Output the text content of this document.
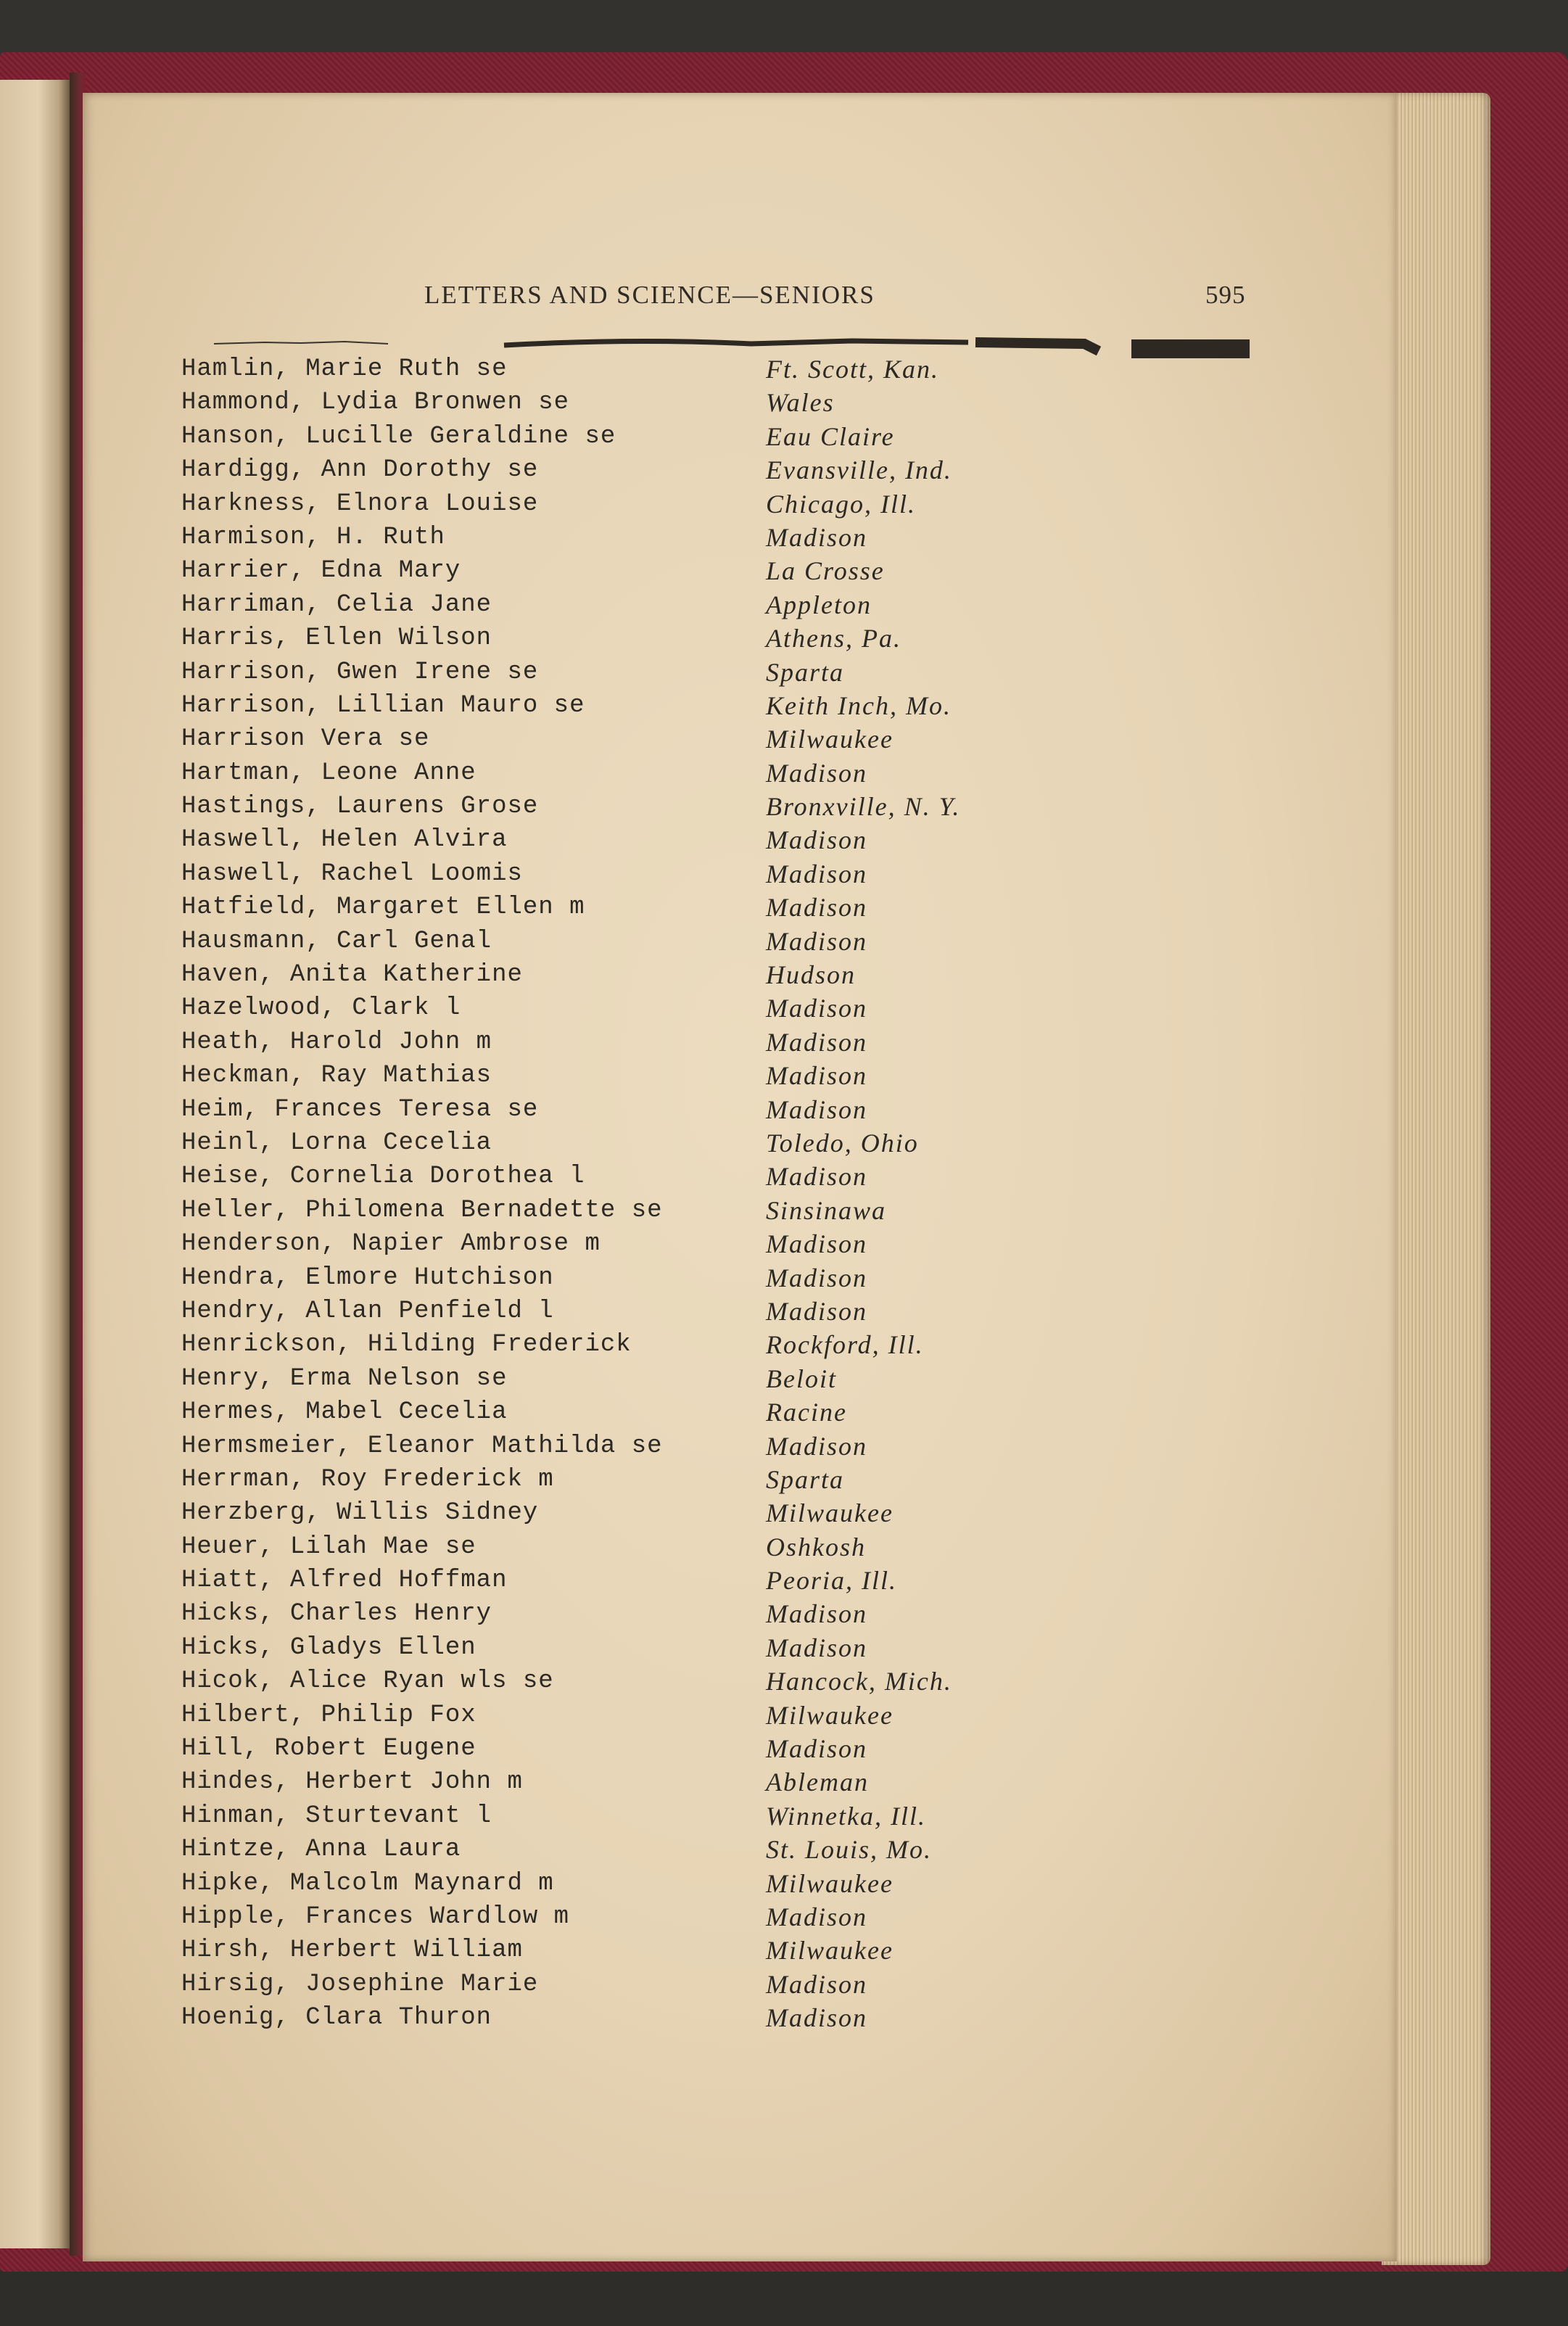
LETTERS AND SCIENCE—SENIORS	595
Hamlin, Marie Ruth se	Ft. Scott, Kan.
Hammond, Lydia Bronwen se	Wales
Hanson, Lucille Geraldine se	Eau Claire
Hardigg, Ann Dorothy se	Evansville, Ind.
Harkness, Elnora Louise	Chicago, Ill.
Harmison, H. Ruth	Madison
Harrier, Edna Mary	La Crosse
Harriman, Celia Jane	Appleton
Harris, Ellen Wilson	Athens, Pa.
Harrison, Gwen Irene se	Sparta
Harrison, Lillian Mauro se	Keith Inch, Mo.
Harrison Vera se	Milwaukee
Hartman, Leone Anne	Madison
Hastings, Laurens Grose	Bronxville, N. Y.
Haswell, Helen Alvira	Madison
Haswell, Rachel Loomis	Madison
Hatfield, Margaret Ellen m	Madison
Hausmann, Carl Genal	Madison
Haven, Anita Katherine	Hudson
Hazelwood, Clark l	Madison
Heath, Harold John m	Madison
Heckman, Ray Mathias	Madison
Heim, Frances Teresa se	Madison
Heinl, Lorna Cecelia	Toledo, Ohio
Heise, Cornelia Dorothea l	Madison
Heller, Philomena Bernadette se	Sinsinawa
Henderson, Napier Ambrose m	Madison
Hendra, Elmore Hutchison	Madison
Hendry, Allan Penfield l	Madison
Henrickson, Hilding Frederick	Rockford, Ill.
Henry, Erma Nelson se	Beloit
Hermes, Mabel Cecelia	Racine
Hermsmeier, Eleanor Mathilda se	Madison
Herrman, Roy Frederick m	Sparta
Herzberg, Willis Sidney	Milwaukee
Heuer, Lilah Mae se	Oshkosh
Hiatt, Alfred Hoffman	Peoria, Ill.
Hicks, Charles Henry	Madison
Hicks, Gladys Ellen	Madison
Hicok, Alice Ryan wls se	Hancock, Mich.
Hilbert, Philip Fox	Milwaukee
Hill, Robert Eugene	Madison
Hindes, Herbert John m	Ableman
Hinman, Sturtevant l	Winnetka, Ill.
Hintze, Anna Laura	St. Louis, Mo.
Hipke, Malcolm Maynard m	Milwaukee
Hipple, Frances Wardlow m	Madison
Hirsh, Herbert William	Milwaukee
Hirsig, Josephine Marie	Madison
Hoenig, Clara Thuron	Madison
